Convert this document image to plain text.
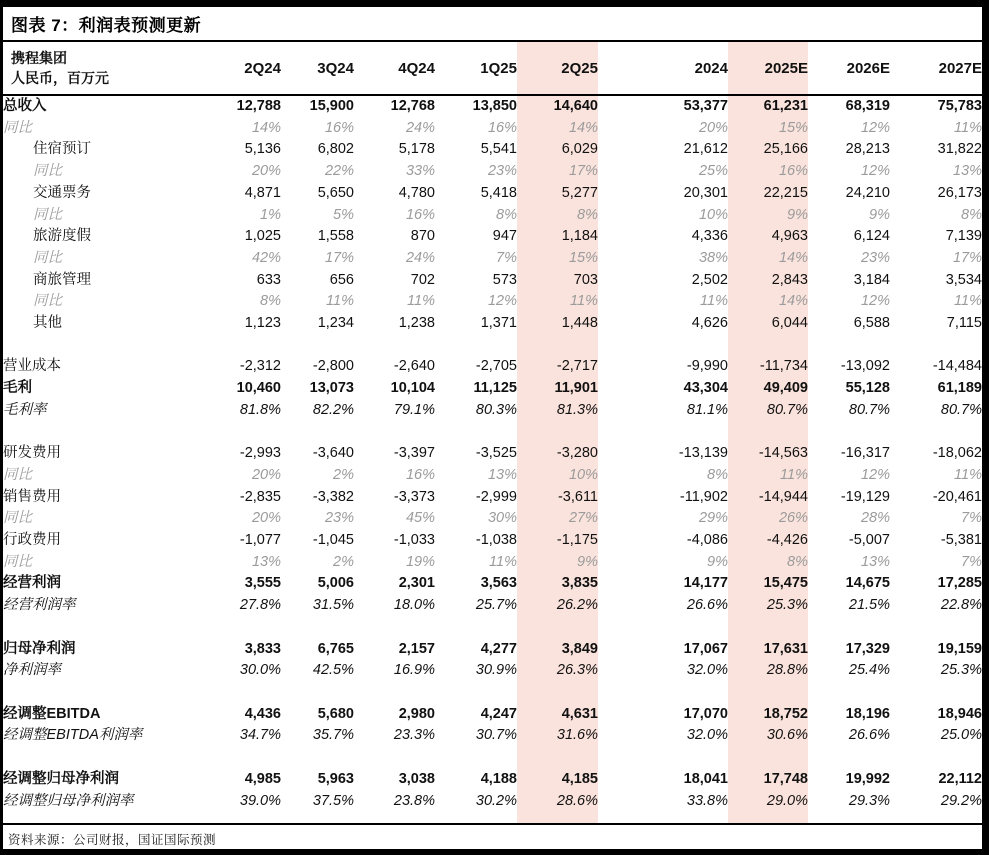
图表 7：利润表预测更新
携程集团
人民币，百万元	2Q24	3Q24	4Q24	1Q25	2Q25	2024	2025E	2026E	2027E
总收入	12,788	15,900	12,768	13,850	14,640	53,377	61,231	68,319	75,783
同比	14%	16%	24%	16%	14%	20%	15%	12%	11%
住宿预订	5,136	6,802	5,178	5,541	6,029	21,612	25,166	28,213	31,822
同比	20%	22%	33%	23%	17%	25%	16%	12%	13%
交通票务	4,871	5,650	4,780	5,418	5,277	20,301	22,215	24,210	26,173
同比	1%	5%	16%	8%	8%	10%	9%	9%	8%
旅游度假	1,025	1,558	870	947	1,184	4,336	4,963	6,124	7,139
同比	42%	17%	24%	7%	15%	38%	14%	23%	17%
商旅管理	633	656	702	573	703	2,502	2,843	3,184	3,534
同比	8%	11%	11%	12%	11%	11%	14%	12%	11%
其他	1,123	1,234	1,238	1,371	1,448	4,626	6,044	6,588	7,115

营业成本	-2,312	-2,800	-2,640	-2,705	-2,717	-9,990	-11,734	-13,092	-14,484
毛利	10,460	13,073	10,104	11,125	11,901	43,304	49,409	55,128	61,189
毛利率	81.8%	82.2%	79.1%	80.3%	81.3%	81.1%	80.7%	80.7%	80.7%

研发费用	-2,993	-3,640	-3,397	-3,525	-3,280	-13,139	-14,563	-16,317	-18,062
同比	20%	2%	16%	13%	10%	8%	11%	12%	11%
销售费用	-2,835	-3,382	-3,373	-2,999	-3,611	-11,902	-14,944	-19,129	-20,461
同比	20%	23%	45%	30%	27%	29%	26%	28%	7%
行政费用	-1,077	-1,045	-1,033	-1,038	-1,175	-4,086	-4,426	-5,007	-5,381
同比	13%	2%	19%	11%	9%	9%	8%	13%	7%
经营利润	3,555	5,006	2,301	3,563	3,835	14,177	15,475	14,675	17,285
经营利润率	27.8%	31.5%	18.0%	25.7%	26.2%	26.6%	25.3%	21.5%	22.8%

归母净利润	3,833	6,765	2,157	4,277	3,849	17,067	17,631	17,329	19,159
净利润率	30.0%	42.5%	16.9%	30.9%	26.3%	32.0%	28.8%	25.4%	25.3%

经调整EBITDA	4,436	5,680	2,980	4,247	4,631	17,070	18,752	18,196	18,946
经调整EBITDA利润率	34.7%	35.7%	23.3%	30.7%	31.6%	32.0%	30.6%	26.6%	25.0%

经调整归母净利润	4,985	5,963	3,038	4,188	4,185	18,041	17,748	19,992	22,112
经调整归母净利润率	39.0%	37.5%	23.8%	30.2%	28.6%	33.8%	29.0%	29.3%	29.2%
资料来源：公司财报，国证国际预测
